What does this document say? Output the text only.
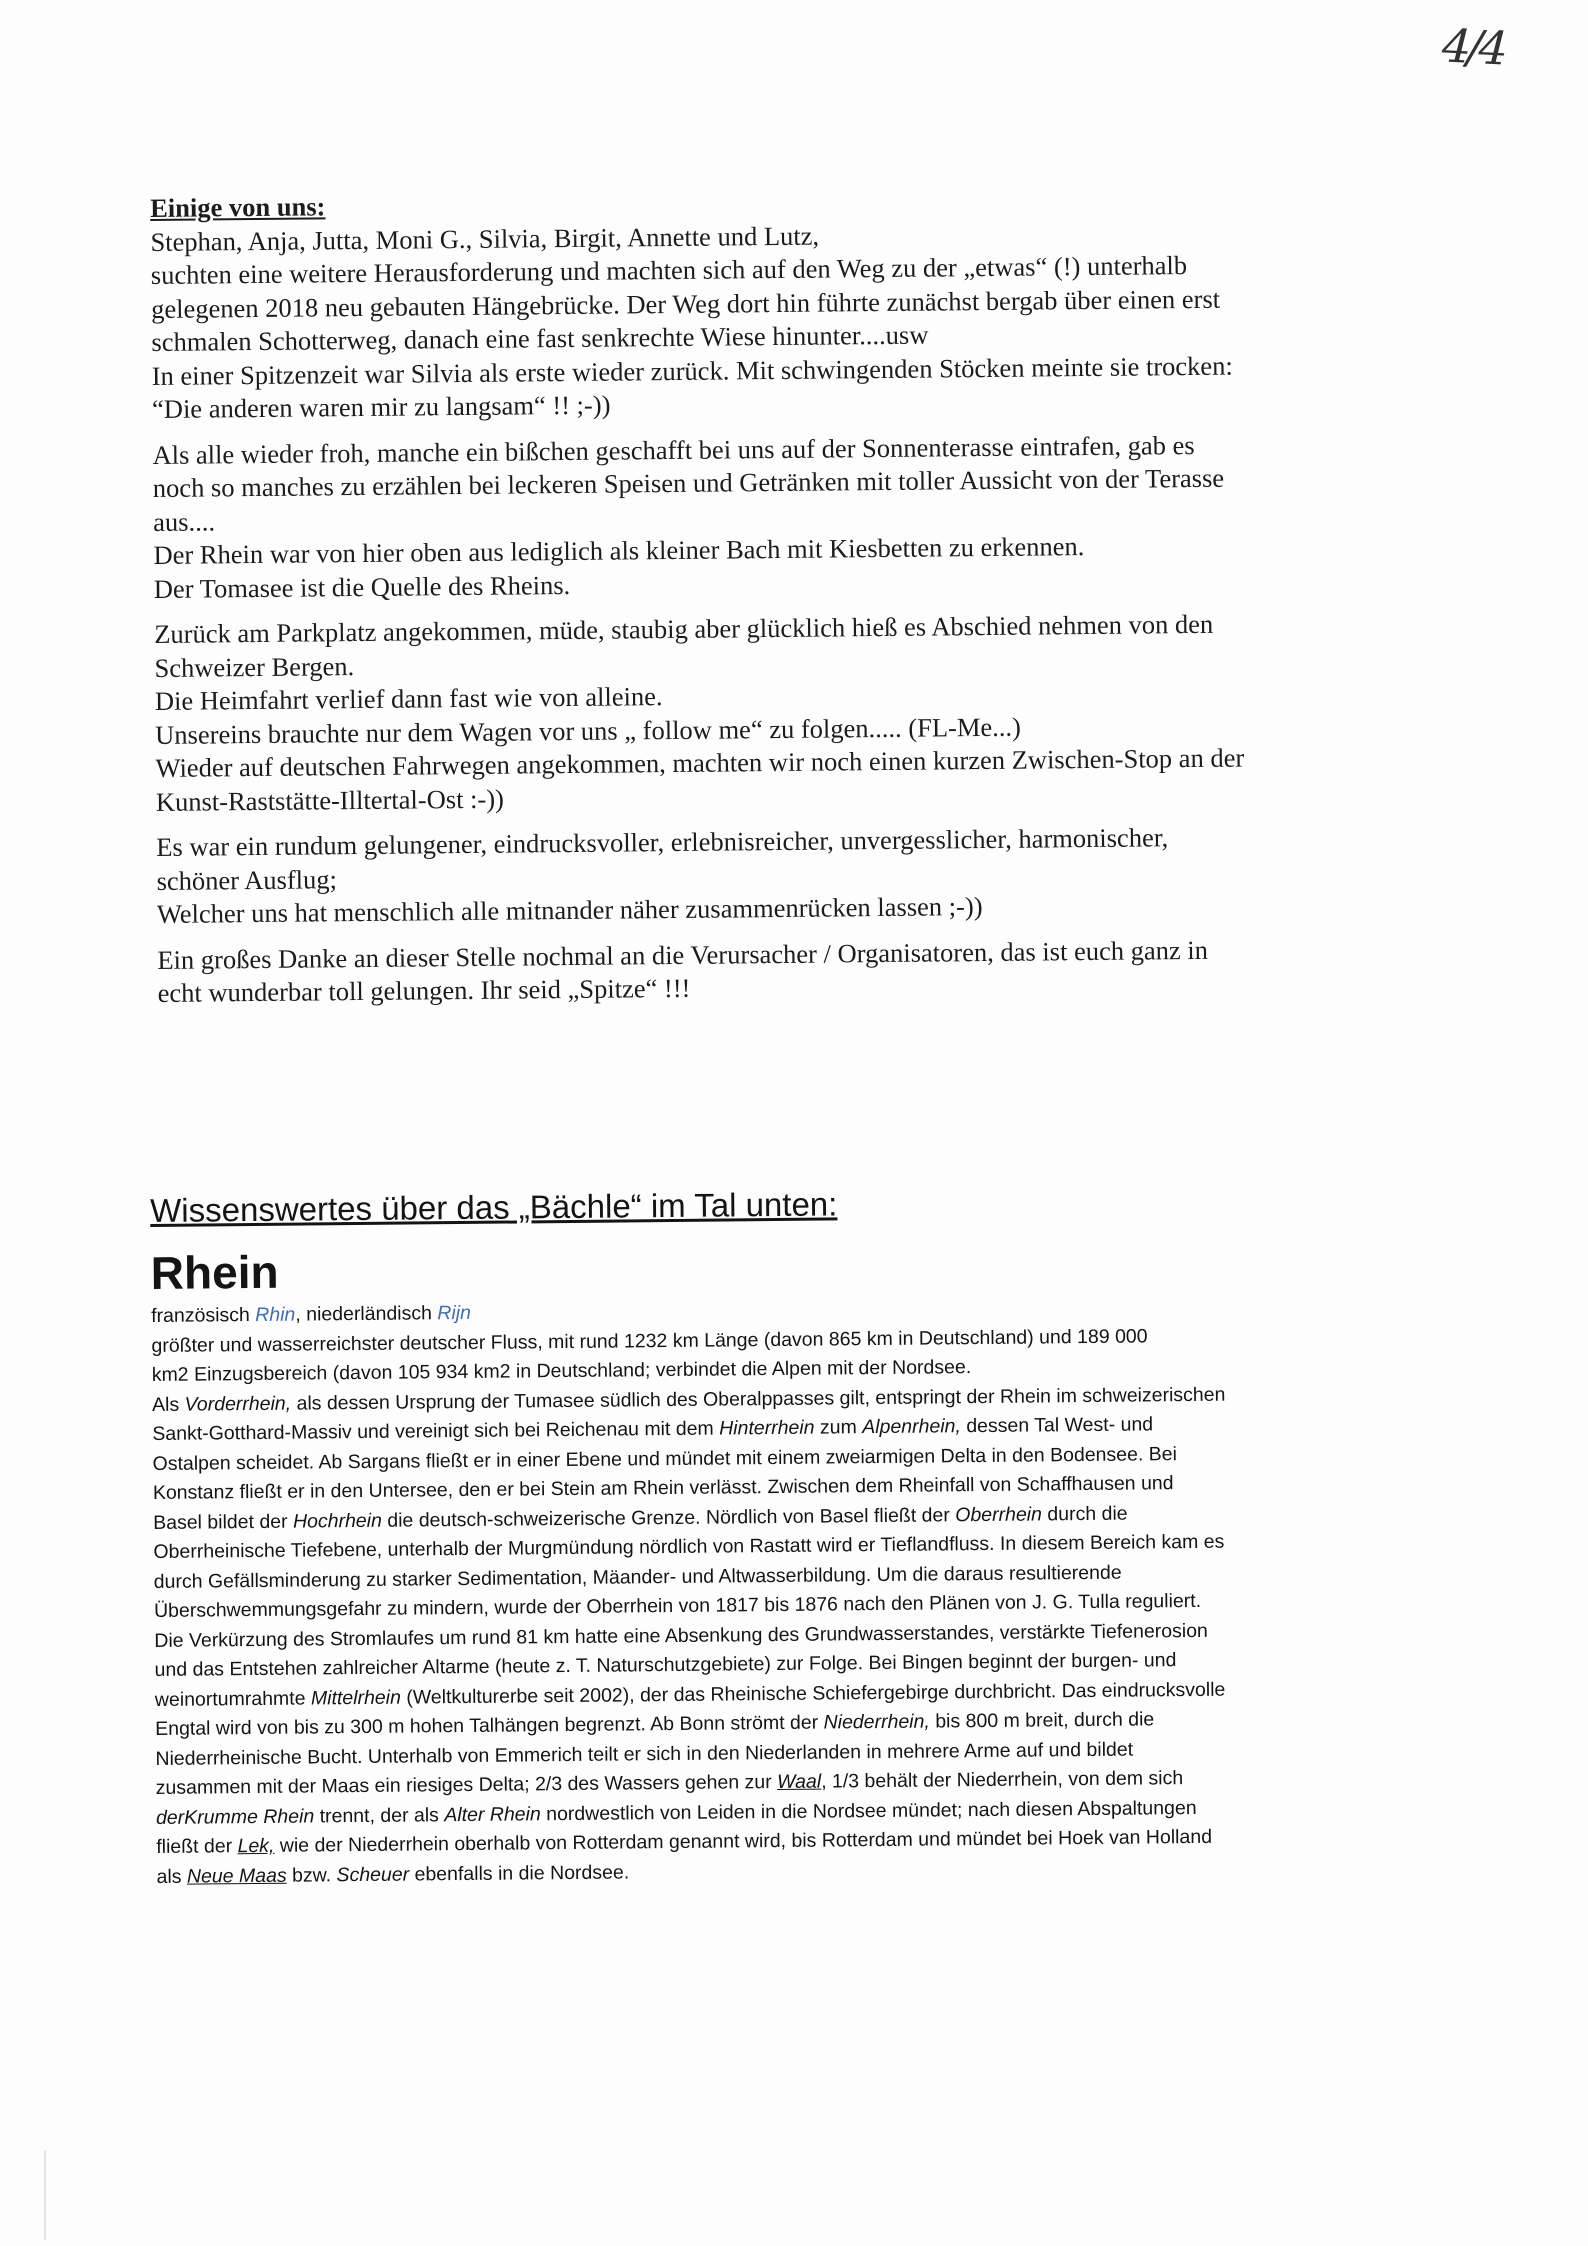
4/4
Einige von uns:

Stephan, Anja, Jutta, Moni G., Silvia, Birgit, Annette und Lutz,
suchten eine weitere Herausforderung und machten sich auf den Weg zu der „etwas“ (!) unterhalb
gelegenen 2018 neu gebauten Hängebrücke. Der Weg dort hin führte zunächst bergab über einen erst
schmalen Schotterweg, danach eine fast senkrechte Wiese hinunter....usw
In einer Spitzenzeit war Silvia als erste wieder zurück. Mit schwingenden Stöcken meinte sie trocken:
“Die anderen waren mir zu langsam“ !! ;-))

Als alle wieder froh, manche ein bißchen geschafft bei uns auf der Sonnenterasse eintrafen, gab es
noch so manches zu erzählen bei leckeren Speisen und Getränken mit toller Aussicht von der Terasse
aus....
Der Rhein war von hier oben aus lediglich als kleiner Bach mit Kiesbetten zu erkennen.
Der Tomasee ist die Quelle des Rheins.

Zurück am Parkplatz angekommen, müde, staubig aber glücklich hieß es Abschied nehmen von den
Schweizer Bergen.
Die Heimfahrt verlief dann fast wie von alleine.
Unsereins brauchte nur dem Wagen vor uns „ follow me“ zu folgen..... (FL-Me...)
Wieder auf deutschen Fahrwegen angekommen, machten wir noch einen kurzen Zwischen-Stop an der
Kunst-Raststätte-Illtertal-Ost :-))

Es war ein rundum gelungener, eindrucksvoller, erlebnisreicher, unvergesslicher, harmonischer,
schöner Ausflug;
Welcher uns hat menschlich alle mitnander näher zusammenrücken lassen ;-))

Ein großes Danke an dieser Stelle nochmal an die Verursacher / Organisatoren, das ist euch ganz in
echt wunderbar toll gelungen. Ihr seid „Spitze“ !!!

Wissenswertes über das „Bächle“ im Tal unten:
Rhein
französisch Rhin, niederländisch Rijn
größter und wasserreichster deutscher Fluss, mit rund 1232 km Länge (davon 865 km in Deutschland) und 189 000
km2 Einzugsbereich (davon 105 934 km2 in Deutschland; verbindet die Alpen mit der Nordsee.
Als Vorderrhein, als dessen Ursprung der Tumasee südlich des Oberalppasses gilt, entspringt der Rhein im schweizerischen
Sankt-Gotthard-Massiv und vereinigt sich bei Reichenau mit dem Hinterrhein zum Alpenrhein, dessen Tal West- und
Ostalpen scheidet. Ab Sargans fließt er in einer Ebene und mündet mit einem zweiarmigen Delta in den Bodensee. Bei
Konstanz fließt er in den Untersee, den er bei Stein am Rhein verlässt. Zwischen dem Rheinfall von Schaffhausen und
Basel bildet der Hochrhein die deutsch-schweizerische Grenze. Nördlich von Basel fließt der Oberrhein durch die
Oberrheinische Tiefebene, unterhalb der Murgmündung nördlich von Rastatt wird er Tieflandfluss. In diesem Bereich kam es
durch Gefällsminderung zu starker Sedimentation, Mäander- und Altwasserbildung. Um die daraus resultierende
Überschwemmungsgefahr zu mindern, wurde der Oberrhein von 1817 bis 1876 nach den Plänen von J. G. Tulla reguliert.
Die Verkürzung des Stromlaufes um rund 81 km hatte eine Absenkung des Grundwasserstandes, verstärkte Tiefenerosion
und das Entstehen zahlreicher Altarme (heute z. T. Naturschutzgebiete) zur Folge. Bei Bingen beginnt der burgen- und
weinortumrahmte Mittelrhein (Weltkulturerbe seit 2002), der das Rheinische Schiefergebirge durchbricht. Das eindrucksvolle
Engtal wird von bis zu 300 m hohen Talhängen begrenzt. Ab Bonn strömt der Niederrhein, bis 800 m breit, durch die
Niederrheinische Bucht. Unterhalb von Emmerich teilt er sich in den Niederlanden in mehrere Arme auf und bildet
zusammen mit der Maas ein riesiges Delta; 2/3 des Wassers gehen zur Waal, 1/3 behält der Niederrhein, von dem sich
derKrumme Rhein trennt, der als Alter Rhein nordwestlich von Leiden in die Nordsee mündet; nach diesen Abspaltungen
fließt der Lek, wie der Niederrhein oberhalb von Rotterdam genannt wird, bis Rotterdam und mündet bei Hoek van Holland
als Neue Maas bzw. Scheuer ebenfalls in die Nordsee.
